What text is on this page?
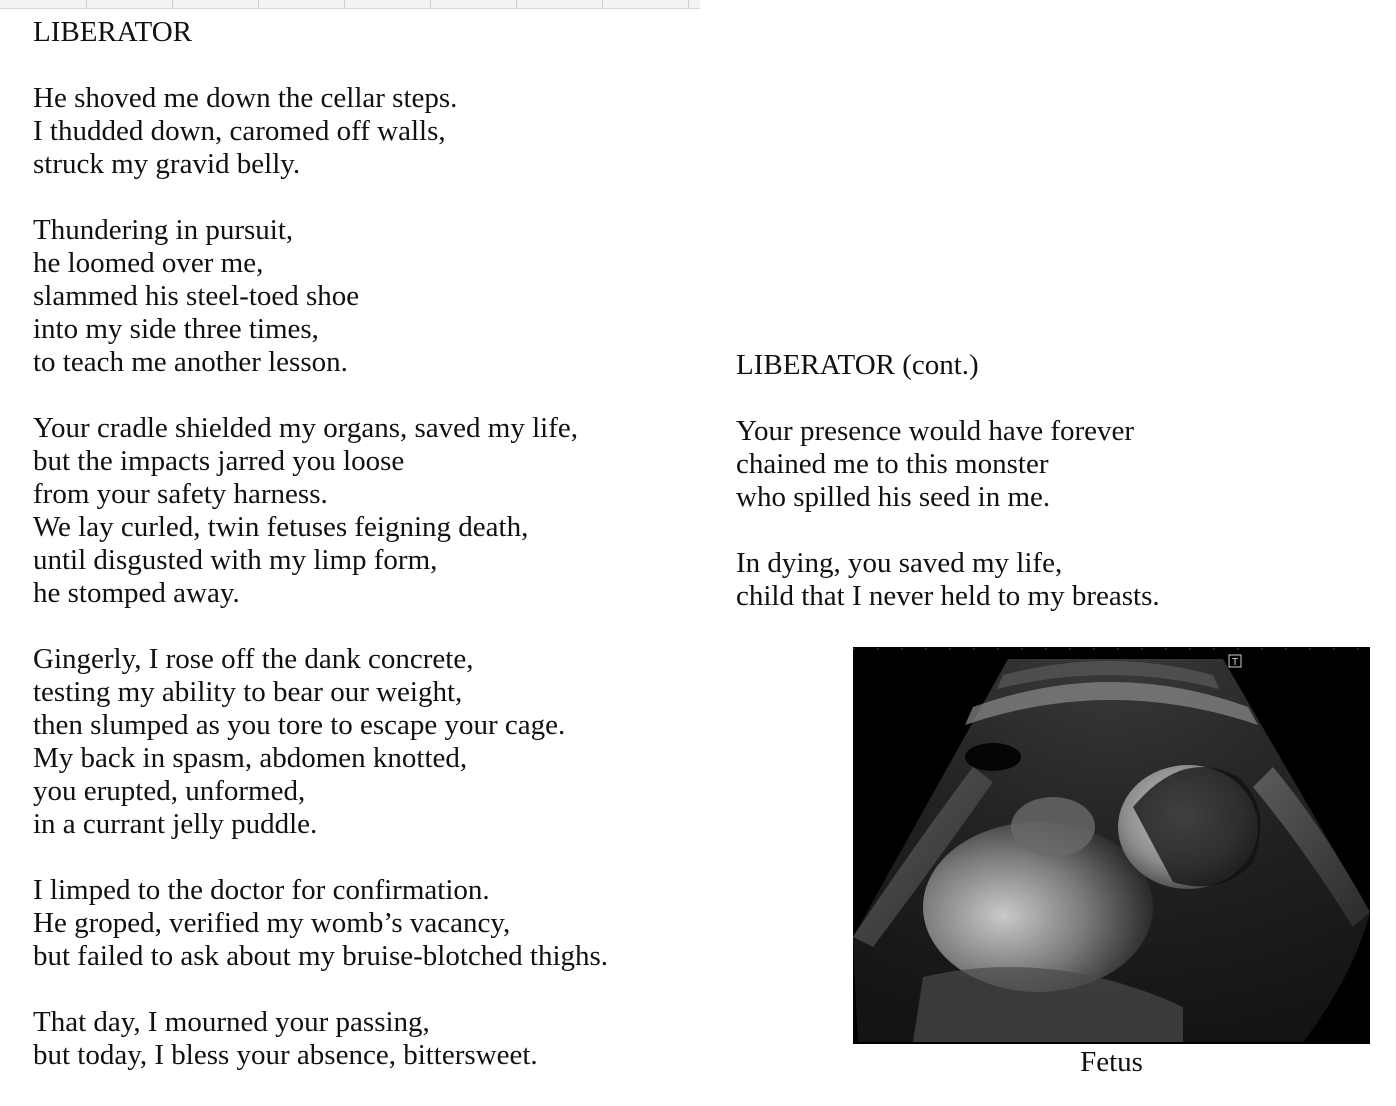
LIBERATOR
He shoved me down the cellar steps.
I thudded down, caromed off walls,
struck my gravid belly.
Thundering in pursuit,
he loomed over me,
slammed his steel-toed shoe
into my side three times,
to teach me another lesson.
Your cradle shielded my organs, saved my life,
but the impacts jarred you loose
from your safety harness.
We lay curled, twin fetuses feigning death,
until disgusted with my limp form,
he stomped away.
Gingerly, I rose off the dank concrete,
testing my ability to bear our weight,
then slumped as you tore to escape your cage.
My back in spasm, abdomen knotted,
you erupted, unformed,
in a currant jelly puddle.
I limped to the doctor for confirmation.
He groped, verified my womb’s vacancy,
but failed to ask about my bruise-blotched thighs.
That day, I mourned your passing,
but today, I bless your absence, bittersweet.
LIBERATOR (cont.)
Your presence would have forever
chained me to this monster
who spilled his seed in me.
In dying, you saved my life,
child that I never held to my breasts.
T
Fetus
